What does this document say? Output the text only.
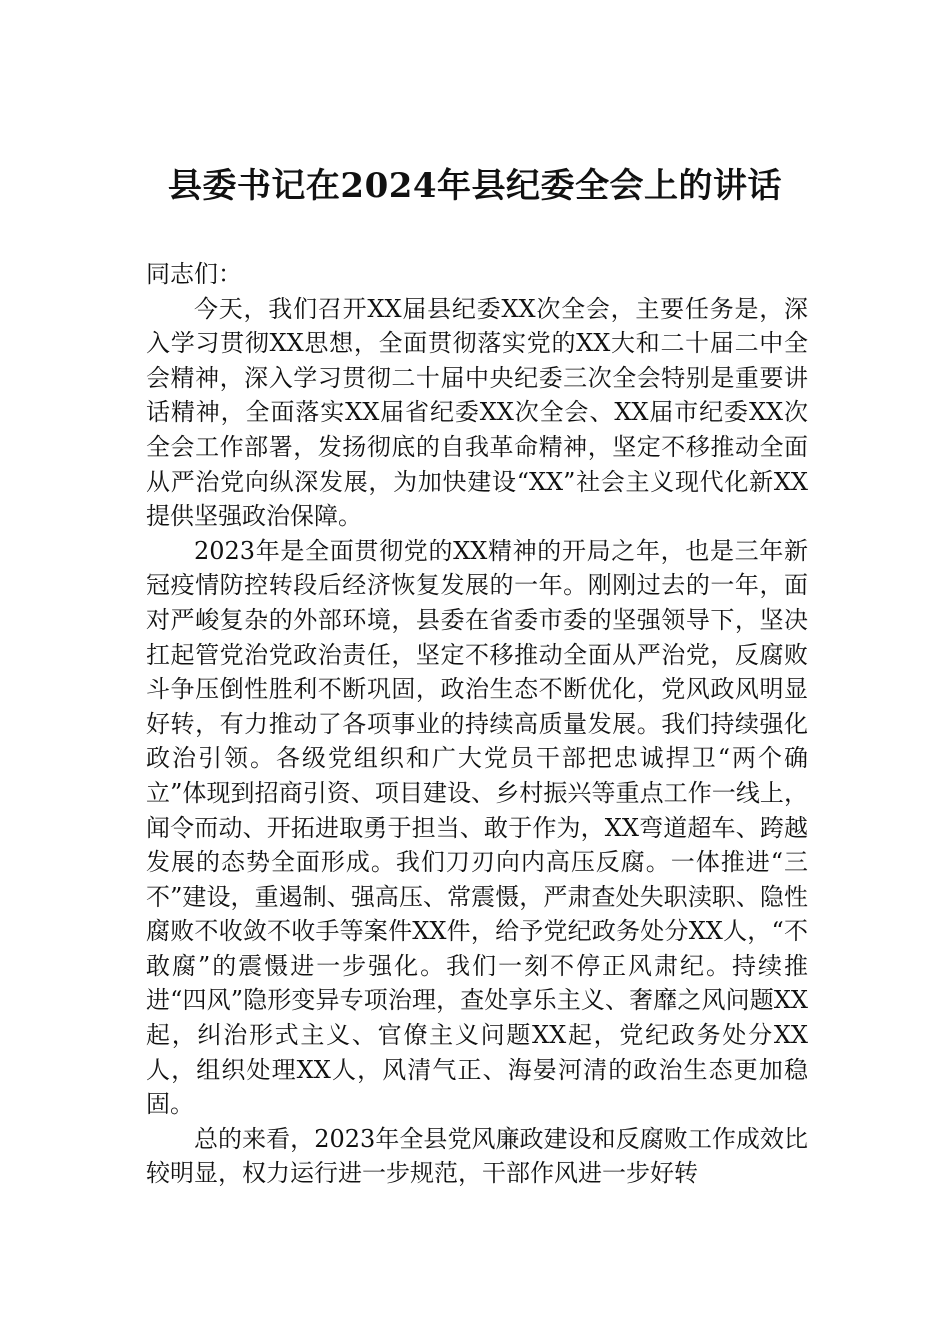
县委书记在2024年县纪委全会上的讲话

同志们：

今天，我们召开XX届县纪委XX次全会，主要任务是，深入学习贯彻XX思想，全面贯彻落实党的XX大和二十届二中全会精神，深入学习贯彻二十届中央纪委三次全会特别是重要讲话精神，全面落实XX届省纪委XX次全会、XX届市纪委XX次全会工作部署，发扬彻底的自我革命精神，坚定不移推动全面从严治党向纵深发展，为加快建设“XX”社会主义现代化新XX提供坚强政治保障。

2023年是全面贯彻党的XX精神的开局之年，也是三年新冠疫情防控转段后经济恢复发展的一年。刚刚过去的一年，面对严峻复杂的外部环境，县委在省委市委的坚强领导下，坚决扛起管党治党政治责任，坚定不移推动全面从严治党，反腐败斗争压倒性胜利不断巩固，政治生态不断优化，党风政风明显好转，有力推动了各项事业的持续高质量发展。我们持续强化政治引领。各级党组织和广大党员干部把忠诚捍卫“两个确立”体现到招商引资、项目建设、乡村振兴等重点工作一线上，闻令而动、开拓进取勇于担当、敢于作为，XX弯道超车、跨越发展的态势全面形成。我们刀刃向内高压反腐。一体推进“三不”建设，重遏制、强高压、常震慑，严肃查处失职渎职、隐性腐败不收敛不收手等案件XX件，给予党纪政务处分XX人，“不敢腐”的震慑进一步强化。我们一刻不停正风肃纪。持续推进“四风”隐形变异专项治理，查处享乐主义、奢靡之风问题XX起，纠治形式主义、官僚主义问题XX起，党纪政务处分XX人，组织处理XX人，风清气正、海晏河清的政治生态更加稳固。

总的来看，2023年全县党风廉政建设和反腐败工作成效比较明显，权力运行进一步规范，干部作风进一步好转
